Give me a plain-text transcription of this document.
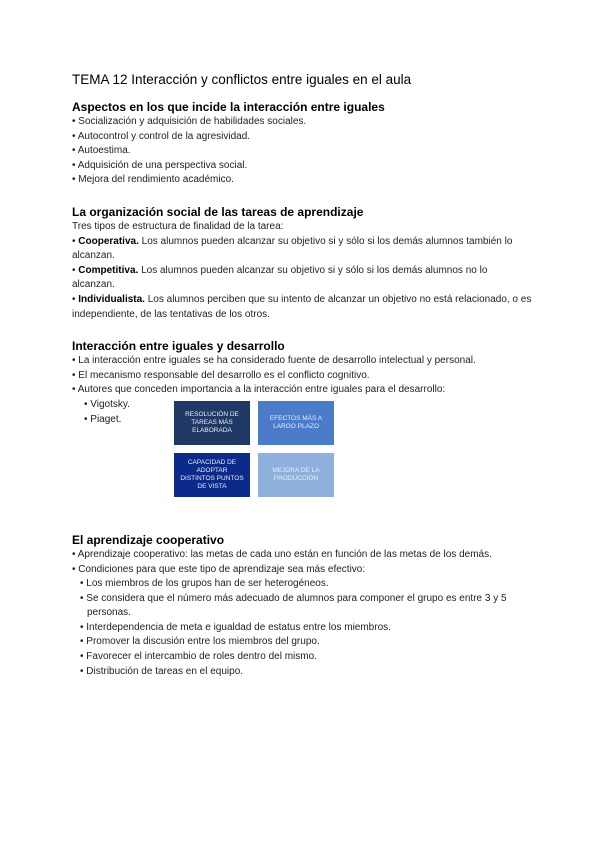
TEMA 12 Interacción y conflictos entre iguales en el aula
Aspectos en los que incide la interacción entre iguales
• Socialización y adquisición de habilidades sociales.
• Autocontrol y control de la agresividad.
• Autoestima.
• Adquisición de una perspectiva social.
• Mejora del rendimiento académico.
La organización social de las tareas de aprendizaje
Tres tipos de estructura de finalidad de la tarea:
• Cooperativa. Los alumnos pueden alcanzar su objetivo si y sólo si los demás alumnos también lo alcanzan.
• Competitiva. Los alumnos pueden alcanzar su objetivo si y sólo si los demás alumnos no lo alcanzan.
• Individualista. Los alumnos perciben que su intento de alcanzar un objetivo no está relacionado, o es independiente, de las tentativas de los otros.
Interacción entre iguales y desarrollo
• La interacción entre iguales se ha considerado fuente de desarrollo intelectual y personal.
• El mecanismo responsable del desarrollo es el conflicto cognitivo.
• Autores que conceden importancia a la interacción entre iguales para el desarrollo:
• Vigotsky.
• Piaget.	RESOLUCIÓN DE TAREAS MÁS ELABORADA
EFECTOS MÁS A LARGO PLAZO
CAPACIDAD DE ADOPTAR DISTINTOS PUNTOS DE VISTA
MEJORA DE LA PRODUCCIÓN
El aprendizaje cooperativo
• Aprendizaje cooperativo: las metas de cada uno están en función de las metas de los demás.
• Condiciones para que este tipo de aprendizaje sea más efectivo:
• Los miembros de los grupos han de ser heterogéneos.
• Se considera que el número más adecuado de alumnos para componer el grupo es entre 3 y 5 personas.
• Interdependencia de meta e igualdad de estatus entre los miembros.
• Promover la discusión entre los miembros del grupo.
• Favorecer el intercambio de roles dentro del mismo.
• Distribución de tareas en el equipo.
